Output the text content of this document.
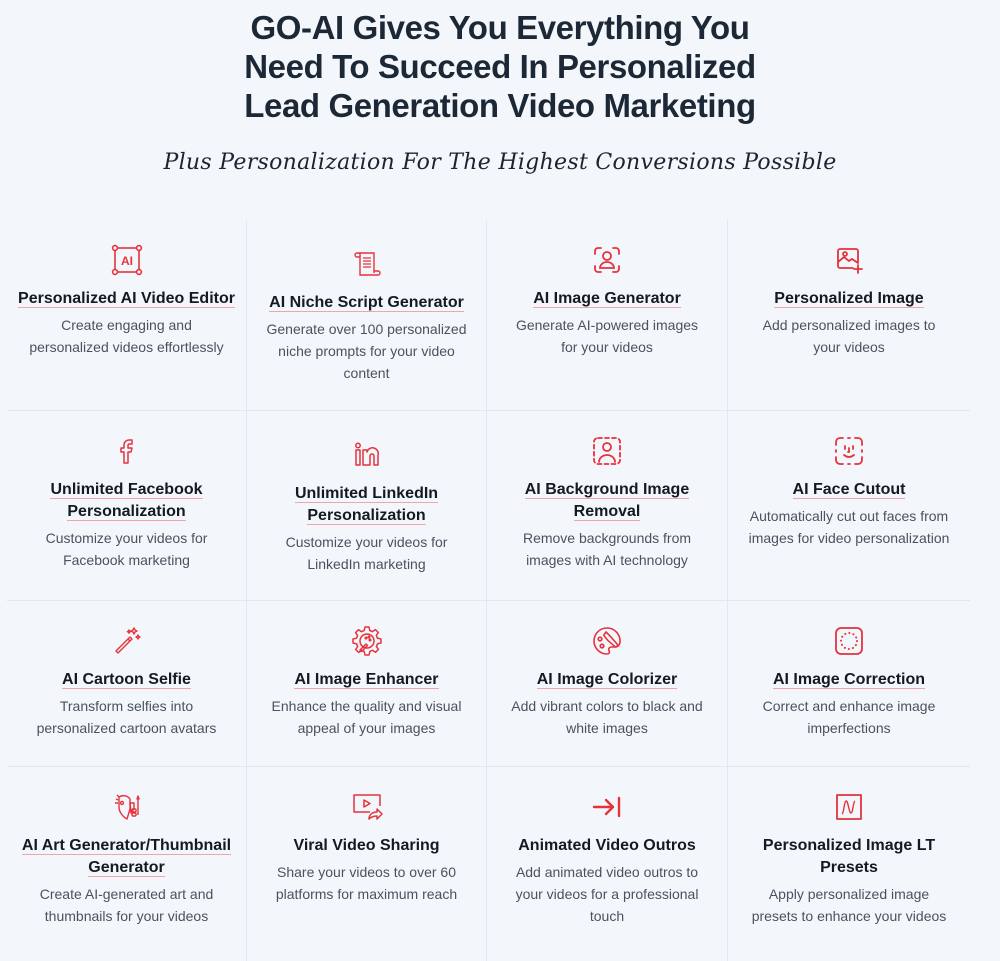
GO-AI Gives You Everything You
Need To Succeed In Personalized
Lead Generation Video Marketing
Plus Personalization For The Highest Conversions Possible
AI
Personalized AI Video Editor
Create engaging and personalized videos effortlessly
AI Niche Script Generator
Generate over 100 personalized niche prompts for your video content
AI Image Generator
Generate AI-powered images for your videos
Personalized Image
Add personalized images to your videos
Unlimited Facebook Personalization
Customize your videos for Facebook marketing
Unlimited LinkedIn Personalization
Customize your videos for LinkedIn marketing
AI Background Image Removal
Remove backgrounds from images with AI technology
AI Face Cutout
Automatically cut out faces from images for video personalization
AI Cartoon Selfie
Transform selfies into personalized cartoon avatars
AI Image Enhancer
Enhance the quality and visual appeal of your images
AI Image Colorizer
Add vibrant colors to black and white images
AI Image Correction
Correct and enhance image imperfections
AI Art Generator/Thumbnail Generator
Create AI-generated art and thumbnails for your videos
Viral Video Sharing
Share your videos to over 60 platforms for maximum reach
Animated Video Outros
Add animated video outros to your videos for a professional touch
Personalized Image LT Presets
Apply personalized image presets to enhance your videos
